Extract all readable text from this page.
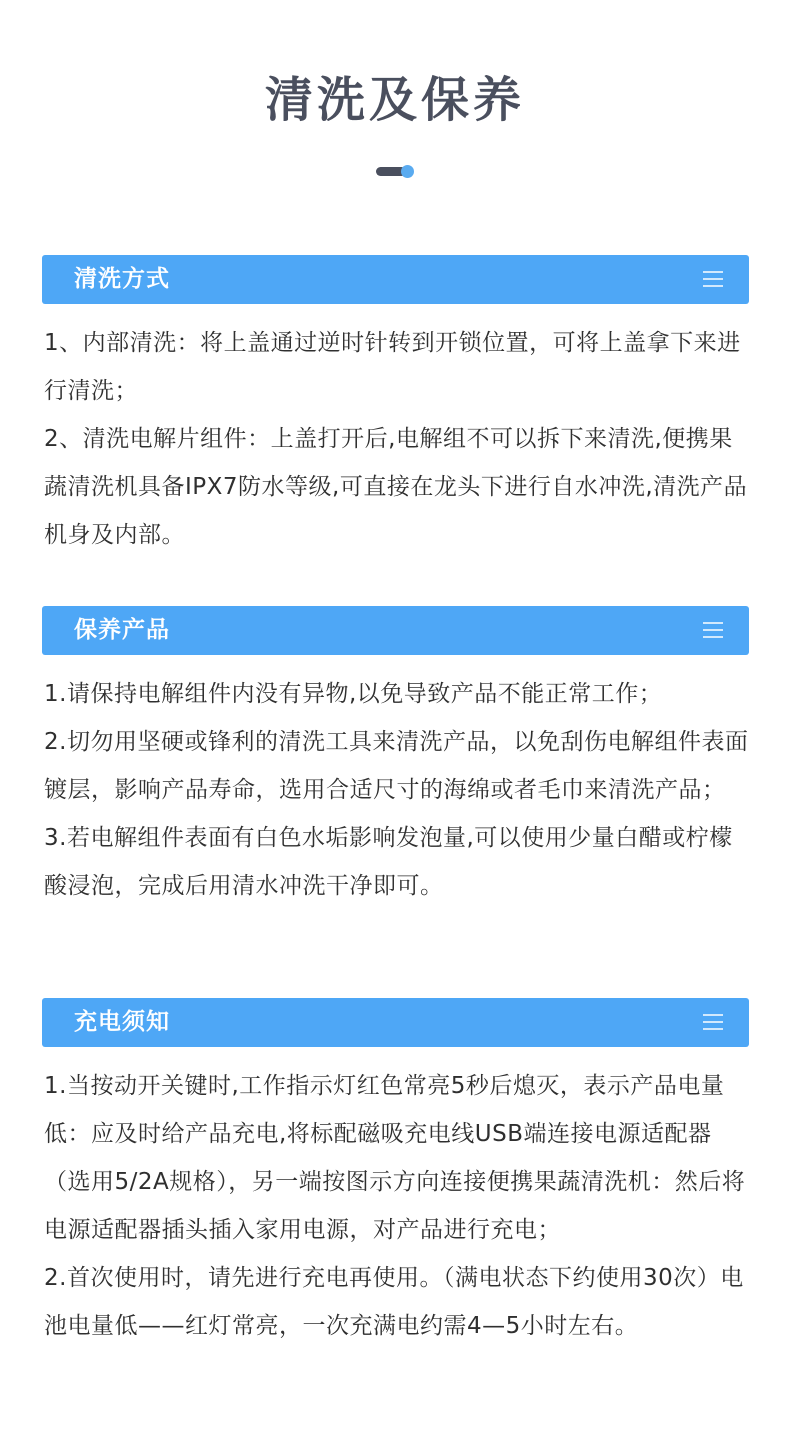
清洗及保养
清洗方式

1、内部清洗：将上盖通过逆时针转到开锁位置，可将上盖拿下来进行清洗；

2、清洗电解片组件：上盖打开后,电解组不可以拆下来清洗,便携果蔬清洗机具备IPX7防水等级,可直接在龙头下进行自水冲洗,清洗产品机身及内部。

保养产品

1.请保持电解组件内没有异物,以免导致产品不能正常工作；

2.切勿用坚硬或锋利的清洗工具来清洗产品，以免刮伤电解组件表面镀层，影响产品寿命，选用合适尺寸的海绵或者毛巾来清洗产品；

3.若电解组件表面有白色水垢影响发泡量,可以使用少量白醋或柠檬酸浸泡，完成后用清水冲洗干净即可。

充电须知

1.当按动开关键时,工作指示灯红色常亮5秒后熄灭，表示产品电量低：应及时给产品充电,将标配磁吸充电线USB端连接电源适配器（选用5/2A规格），另一端按图示方向连接便携果蔬清洗机：然后将电源适配器插头插入家用电源，对产品进行充电；

2.首次使用时，请先进行充电再使用。（满电状态下约使用30次）电池电量低——红灯常亮，一次充满电约需4—5小时左右。
